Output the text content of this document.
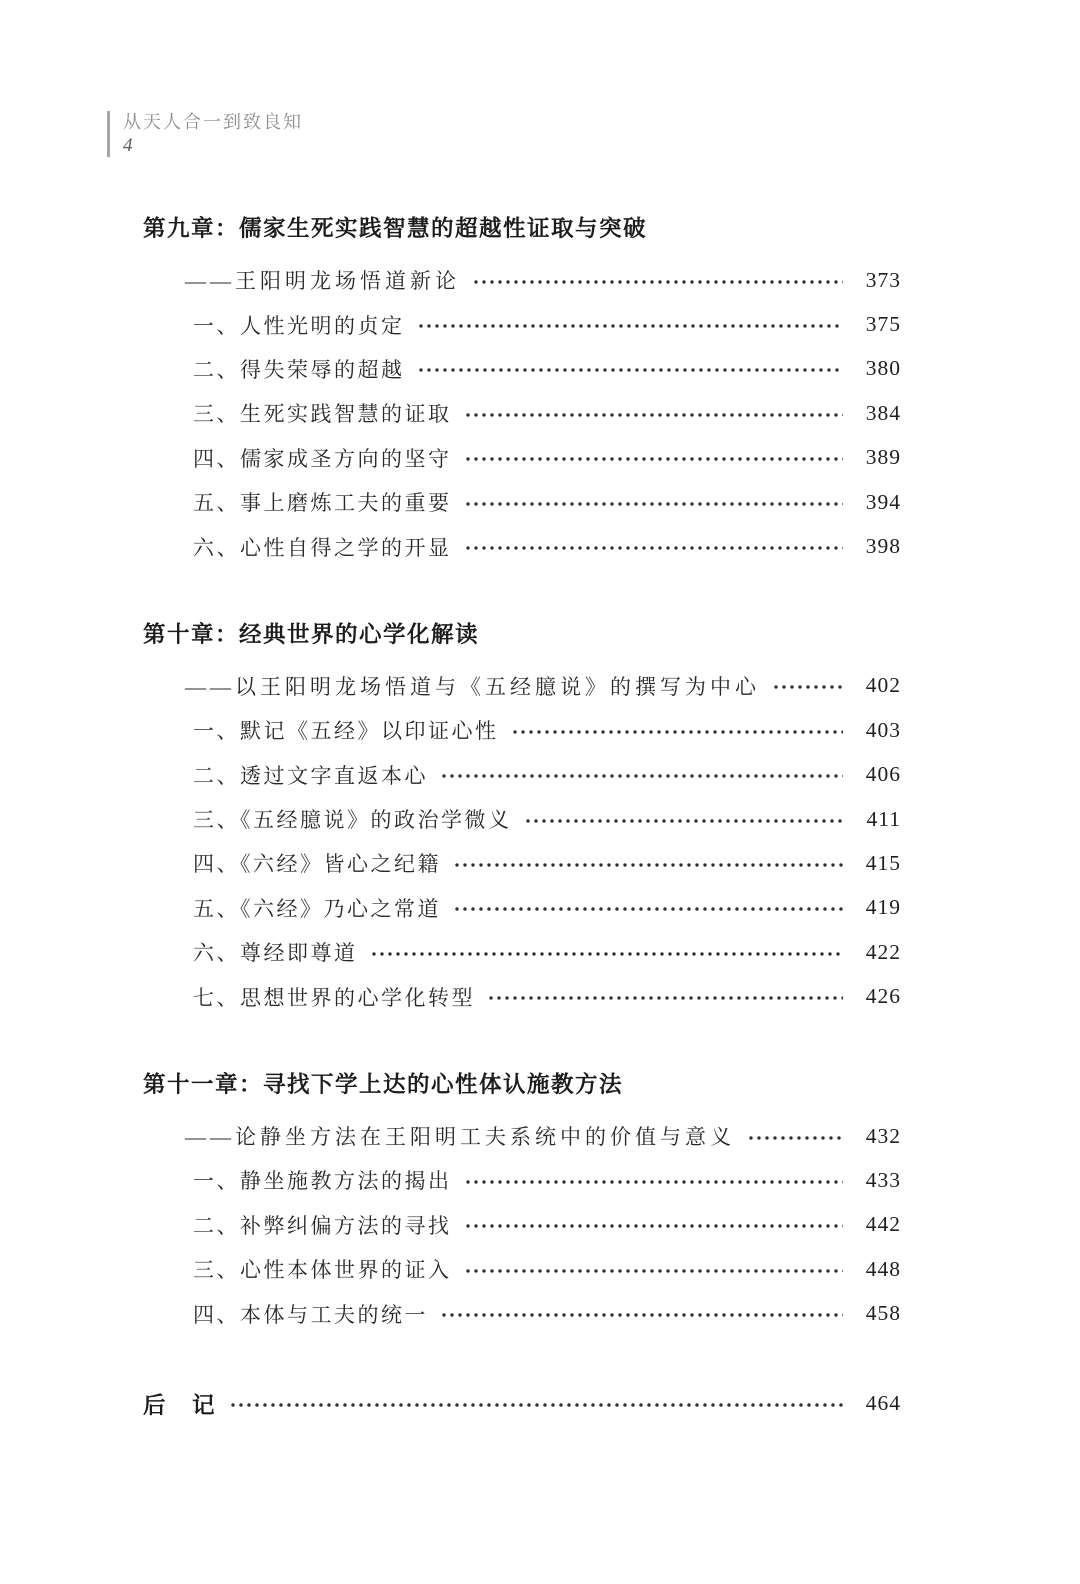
从天人合一到致良知
4
第九章：儒家生死实践智慧的超越性证取与突破
——王阳明龙场悟道新论	373
一、人性光明的贞定	375
二、得失荣辱的超越	380
三、生死实践智慧的证取	384
四、儒家成圣方向的坚守	389
五、事上磨炼工夫的重要	394
六、心性自得之学的开显	398
第十章：经典世界的心学化解读
——以王阳明龙场悟道与《五经臆说》的撰写为中心	402
一、默记《五经》以印证心性	403
二、透过文字直返本心	406
三、《五经臆说》的政治学微义	411
四、《六经》皆心之纪籍	415
五、《六经》乃心之常道	419
六、尊经即尊道	422
七、思想世界的心学化转型	426
第十一章：寻找下学上达的心性体认施教方法
——论静坐方法在王阳明工夫系统中的价值与意义	432
一、静坐施教方法的揭出	433
二、补弊纠偏方法的寻找	442
三、心性本体世界的证入	448
四、本体与工夫的统一	458
后　记	464
